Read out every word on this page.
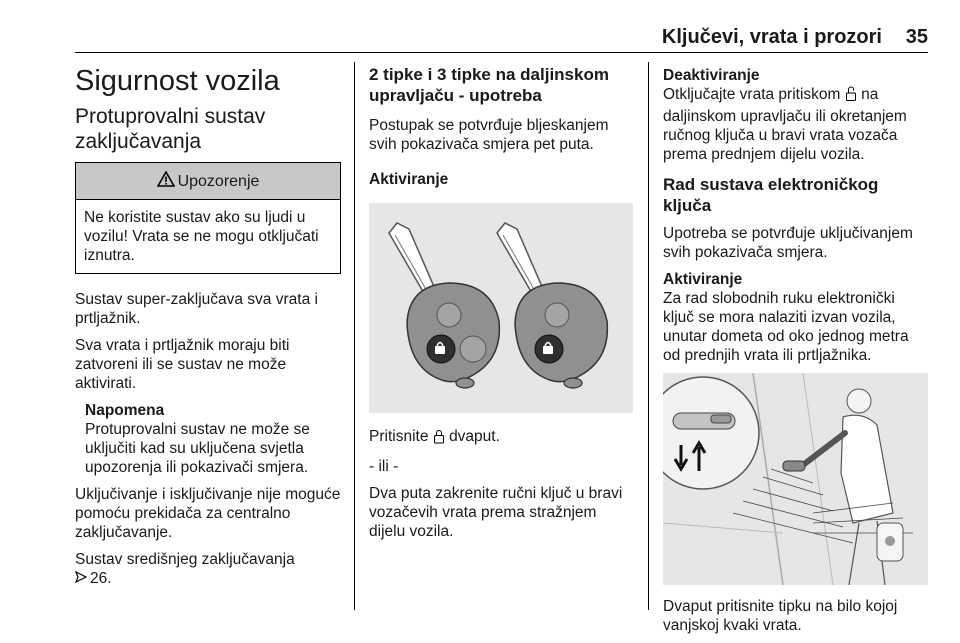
Ključevi, vrata i prozori 35
Sigurnost vozila
Protuprovalni sustav zaključavanja
Upozorenje
Ne koristite sustav ako su ljudi u vozilu! Vrata se ne mogu otključati iznutra.

Sustav super-zaključava sva vrata i prtljažnik.

Sva vrata i prtljažnik moraju biti zatvoreni ili se sustav ne može aktivirati.

Napomena
Protuprovalni sustav ne može se uključiti kad su uključena svjetla upozorenja ili pokazivači smjera.

Uključivanje i isključivanje nije moguće pomoću prekidača za centralno zaključavanje.

Sustav središnjeg zaključavanja

26.

2 tipke i 3 tipke na daljinskom upravljaču - upotreba

Postupak se potvrđuje bljeskanjem svih pokazivača smjera pet puta.

Aktiviranje

Pritisnite dvaput.

- ili -

Dva puta zakrenite ručni ključ u bravi vozačevih vrata prema stražnjem dijelu vozila.

Deaktiviranje

Otključajte vrata pritiskom na daljinskom upravljaču ili okretanjem ručnog ključa u bravi vrata vozača prema prednjem dijelu vozila.

Rad sustava elektroničkog ključa

Upotreba se potvrđuje uključivanjem svih pokazivača smjera.

Aktiviranje

Za rad slobodnih ruku elektronički ključ se mora nalaziti izvan vozila, unutar dometa od oko jednog metra od prednjih vrata ili prtljažnika.

Dvaput pritisnite tipku na bilo kojoj vanjskoj kvaki vrata.
